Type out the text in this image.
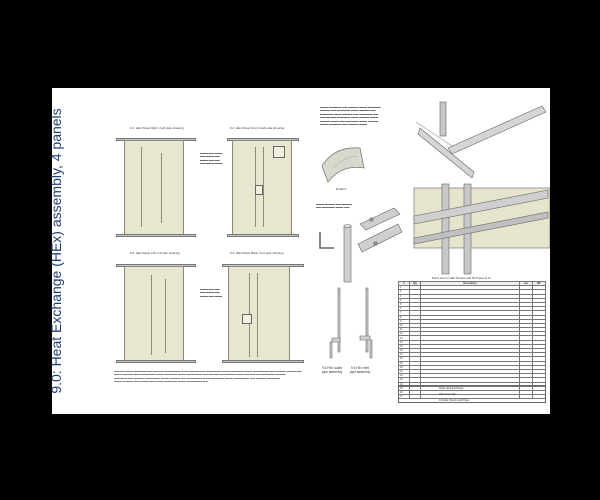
9.0: Heat Exchange (HEx) assembly, 4 panels	9.1: HEx Panel Right, right side showing	9.2: HEx Panel Front, back side showing
▬▬▬ ▬▬ ▬▬▬
▬▬ ▬▬▬ ▬▬
▬▬▬ ▬▬ ▬▬
▬▬ ▬▬▬ ▬▬▬
9.3: HEx Panel Left, left side showing	9.4: HEx Panel Back, front side showing
▬▬▬ ▬▬ ▬▬
▬▬ ▬▬▬ ▬▬
▬▬▬ ▬▬ ▬▬▬
▬▬▬▬ ▬▬▬ ▬▬▬▬▬ ▬▬ ▬▬▬▬ ▬▬▬▬▬▬ ▬▬▬ ▬▬▬▬ ▬▬ ▬▬▬▬▬▬ ▬▬▬ ▬▬▬▬▬ ▬▬▬ ▬▬▬▬▬▬ ▬▬ ▬▬▬▬ ▬▬▬▬▬▬
▬▬▬ ▬▬▬▬ ▬▬ ▬▬▬▬▬▬ ▬▬▬ ▬▬▬▬▬ ▬▬▬ ▬▬▬▬▬▬ ▬▬ ▬▬▬▬ ▬▬▬▬▬▬ ▬▬▬ ▬▬▬▬ ▬▬ ▬▬▬▬▬ ▬▬▬▬
▬▬▬▬▬ ▬▬ ▬▬▬▬ ▬▬▬▬▬▬ ▬▬▬ ▬▬▬▬ ▬▬ ▬▬▬▬▬▬ ▬▬▬ ▬▬▬▬▬ ▬▬▬ ▬▬▬▬▬▬ ▬▬ ▬▬▬▬ ▬▬▬▬▬
▬▬▬ ▬▬▬▬ ▬▬ ▬▬▬▬▬▬ ▬▬▬ ▬▬▬▬▬ ▬▬▬ ▬▬▬▬▬▬ ▬▬
▬▬▬ ▬▬▬▬▬ ▬▬ ▬▬▬▬ ▬▬▬ ▬▬▬▬▬
▬▬▬▬ ▬▬ ▬▬▬▬▬ ▬▬▬ ▬▬▬▬ ▬▬
▬▬▬▬▬ ▬▬▬ ▬▬▬▬ ▬▬ ▬▬▬▬▬ ▬▬
▬▬ ▬▬▬▬ ▬▬▬▬▬ ▬▬▬ ▬▬▬▬ ▬▬▬
▬▬▬▬ ▬▬▬ ▬▬ ▬▬▬▬▬ ▬▬▬ ▬▬▬▬
▬▬▬ ▬▬▬▬▬ ▬▬ ▬▬▬▬ ▬▬▬
Detail A
▬▬▬ ▬▬▬▬ ▬▬ ▬▬▬▬
▬▬ ▬▬▬▬▬ ▬▬▬ ▬▬
9.5 HEx outlet pipe assembly
9.6 HEx inlet pipe assembly
Parts List for HEx Panels and 90 Pipes (9.0)
#	Qty	Description	Len	Mfr
1				
2				
3				
4				
5				
6				
7				
8				
9				
10				
11				
12				
13				
14				
15				
16				
17				
18				
19				
20				
21				
22				
23				
24				
25				
26				
27				
Solar Heat Exchange
HEx Assembly
9.0 HEx Panels and Pipes
